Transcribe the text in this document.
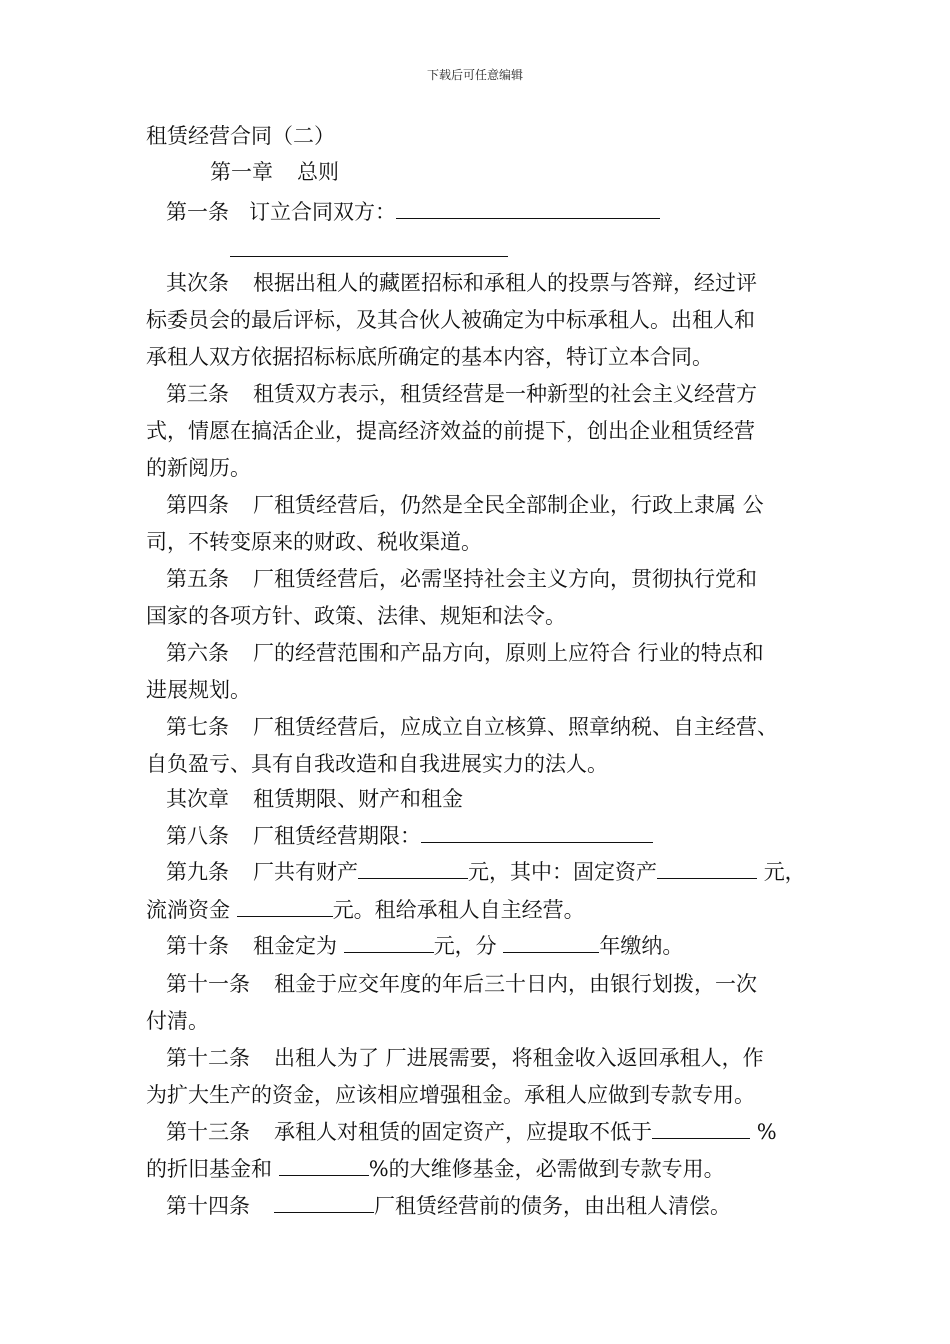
下载后可任意编辑
租赁经营合同（二）
第一章 总则
第一条 订立合同双方：
其次条 根据出租人的藏匿招标和承租人的投票与答辩，经过评
标委员会的最后评标，及其合伙人被确定为中标承租人。出租人和
承租人双方依据招标标底所确定的基本内容，特订立本合同。
第三条 租赁双方表示，租赁经营是一种新型的社会主义经营方
式，情愿在搞活企业，提高经济效益的前提下，创出企业租赁经营
的新阅历。
第四条 厂租赁经营后，仍然是全民全部制企业，行政上隶属 公
司，不转变原来的财政、税收渠道。
第五条 厂租赁经营后，必需坚持社会主义方向，贯彻执行党和
国家的各项方针、政策、法律、规矩和法令。
第六条 厂的经营范围和产品方向，原则上应符合 行业的特点和
进展规划。
第七条 厂租赁经营后，应成立自立核算、照章纳税、自主经营、
自负盈亏、具有自我改造和自我进展实力的法人。
其次章 租赁期限、财产和租金
第八条 厂租赁经营期限：
第九条 厂共有财产	元，其中：固定资产	元，
流淌资金	元。租给承租人自主经营。
第十条 租金定为	元，分	年缴纳。
第十一条 租金于应交年度的年后三十日内，由银行划拨，一次
付清。
第十二条 出租人为了 厂进展需要，将租金收入返回承租人，作
为扩大生产的资金，应该相应增强租金。承租人应做到专款专用。
第十三条 承租人对租赁的固定资产，应提取不低于	%
的折旧基金和	%的大维修基金，必需做到专款专用。
第十四条	厂租赁经营前的债务，由出租人清偿。
